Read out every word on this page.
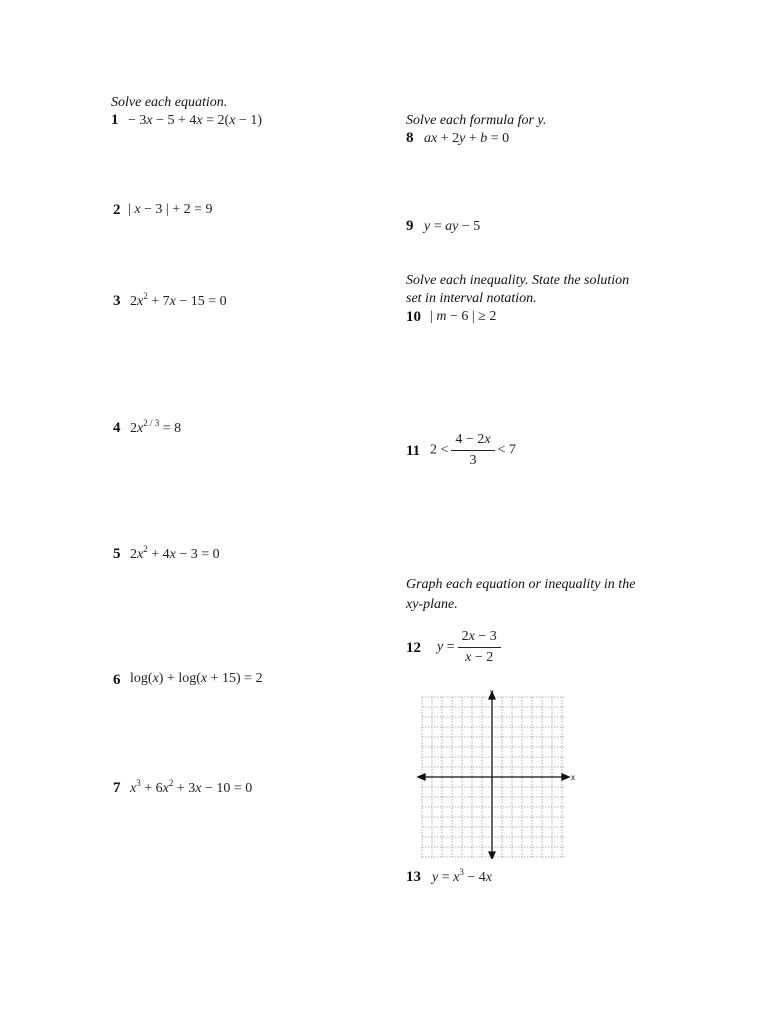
Solve each equation.
1 − 3x − 5 + 4x = 2(x − 1)
2 | x − 3 | + 2 = 9
3 $2x^2 + 7x - 15 = 0$
4 $2x^{2 / 3} = 8$
5 $2x^2 + 4x - 3 = 0$
6 log(x) + log(x + 15) = 2
7 $x^3 + 6x^2 + 3x - 10 = 0$
Solve each formula for y.
8 ax + 2y + b = 0
9 y = ay − 5
Solve each inequality. State the solution
set in interval notation.
10 | m − 6 | ≥ 2
11 $2 < \frac{4 - 2x}{3} < 7$
Graph each equation or inequality in the
xy-plane.
12 $y = \frac{2x - 3}{x - 2}$
x
y
13 $y = x^3 - 4x$
